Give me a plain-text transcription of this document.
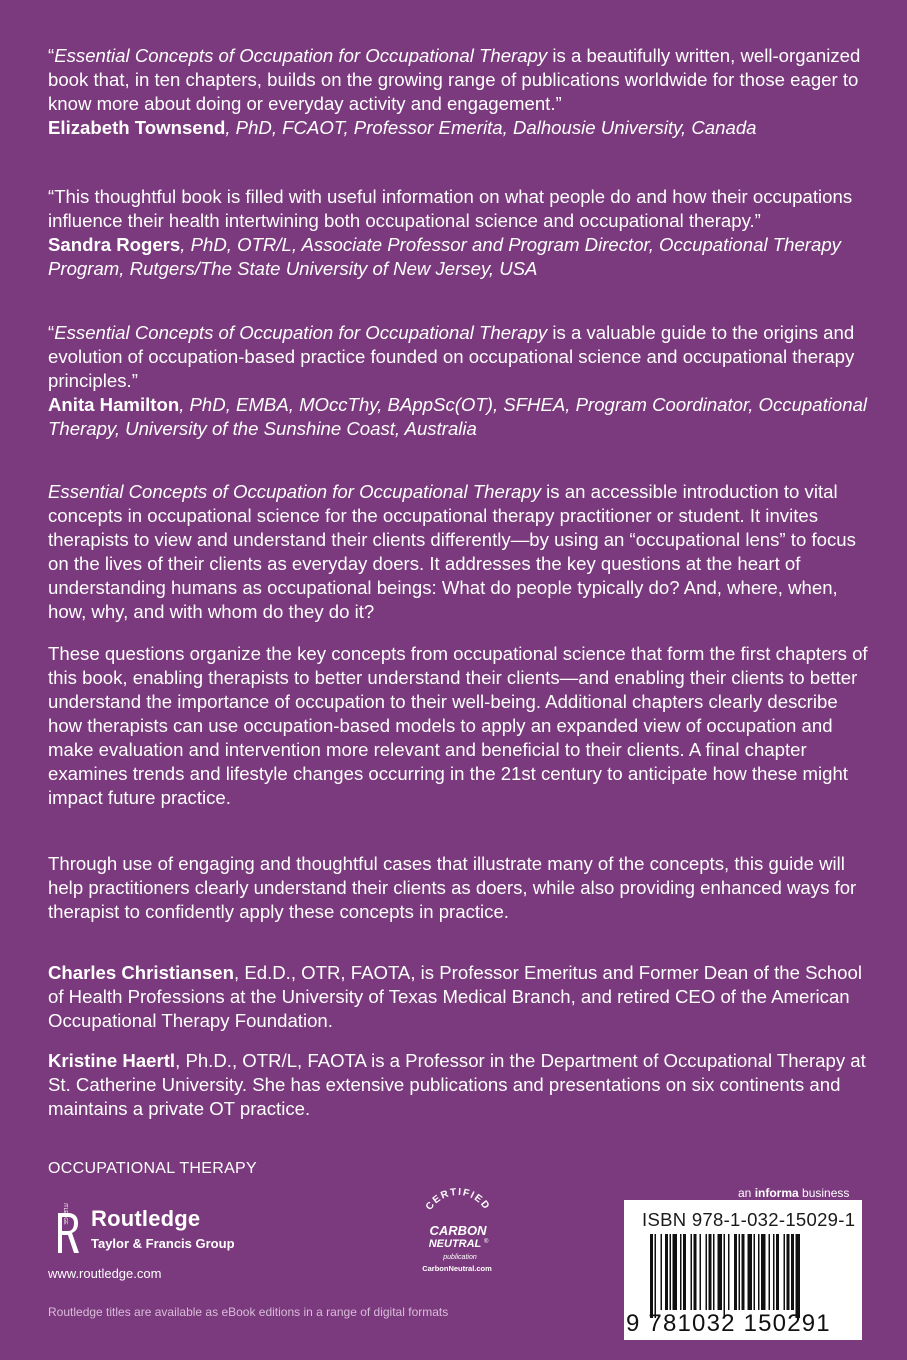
“Essential Concepts of Occupation for Occupational Therapy is a beautifully written, well-organized book that, in ten chapters, builds on the growing range of publications worldwide for those eager to know more about doing or everyday activity and engagement.”
Elizabeth Townsend, PhD, FCAOT, Professor Emerita, Dalhousie University, Canada

“This thoughtful book is filled with useful information on what people do and how their occupations influence their health intertwining both occupational science and occupational therapy.”
Sandra Rogers, PhD, OTR/L, Associate Professor and Program Director, Occupational Therapy Program, Rutgers/The State University of New Jersey, USA

“Essential Concepts of Occupation for Occupational Therapy is a valuable guide to the origins and evolution of occupation-based practice founded on occupational science and occupational therapy principles.”
Anita Hamilton, PhD, EMBA, MOccThy, BAppSc(OT), SFHEA, Program Coordinator, Occupational Therapy, University of the Sunshine Coast, Australia

Essential Concepts of Occupation for Occupational Therapy is an accessible introduction to vital concepts in occupational science for the occupational therapy practitioner or student. It invites therapists to view and understand their clients differently—by using an “occupational lens” to focus on the lives of their clients as everyday doers. It addresses the key questions at the heart of understanding humans as occupational beings: What do people typically do? And, where, when, how, why, and with whom do they do it?

These questions organize the key concepts from occupational science that form the first chapters of this book, enabling therapists to better understand their clients—and enabling their clients to better understand the importance of occupation to their well-being. Additional chapters clearly describe how therapists can use occupation-based models to apply an expanded view of occupation and make evaluation and intervention more relevant and beneficial to their clients. A final chapter examines trends and lifestyle changes occurring in the 21st century to anticipate how these might impact future practice.

Through use of engaging and thoughtful cases that illustrate many of the concepts, this guide will help practitioners clearly understand their clients as doers, while also providing enhanced ways for therapist to confidently apply these concepts in practice.

Charles Christiansen, Ed.D., OTR, FAOTA, is Professor Emeritus and Former Dean of the School of Health Professions at the University of Texas Medical Branch, and retired CEO of the American Occupational Therapy Foundation.

Kristine Haertl, Ph.D., OTR/L, FAOTA is a Professor in the Department of Occupational Therapy at St. Catherine University. She has extensive publications and presentations on six continents and maintains a private OT practice.

OCCUPATIONAL THERAPY
Routledge
Taylor & Francis Group
www.routledge.com
CERTIFIED
CARBON
NEUTRAL ®
publication
CarbonNeutral.com
an informa business
ISBN 978-1-032-15029-1
9 781032 150291
Routledge titles are available as eBook editions in a range of digital formats
